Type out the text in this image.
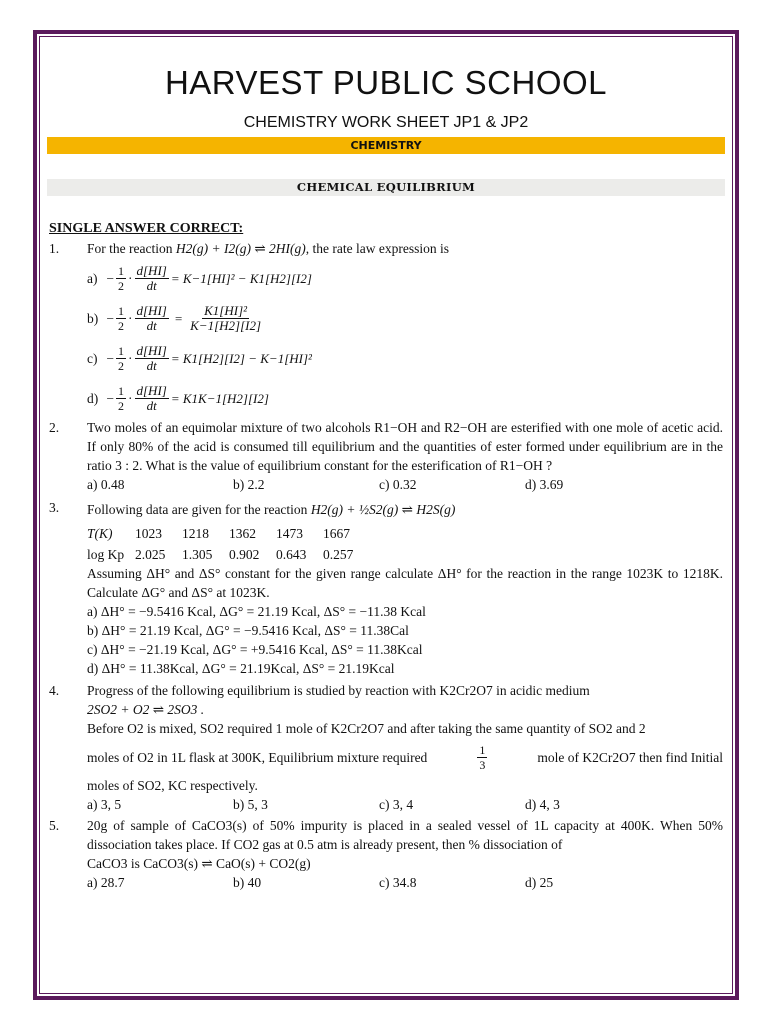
HARVEST PUBLIC SCHOOL
CHEMISTRY WORK SHEET JP1 & JP2
CHEMISTRY
CHEMICAL EQUILIBRIUM
SINGLE ANSWER CORRECT:
1. For the reaction H2(g) + I2(g) ⇌ 2HI(g), the rate law expression is
$a) - \frac{1}{2} \cdot \frac{d[HI]}{dt} = K-1[HI]^2 - K1[H2][I2]$
$b) - \frac{1}{2} \cdot \frac{d[HI]}{dt} = \frac{\text{K1[HI]²}}{K-1[H2][I2]}$
$c) - \frac{1}{2} \cdot \frac{d[HI]}{dt} = K1[H2][I2] - K-1[HI]^2$
$d) - \frac{1}{2} \cdot \frac{d[HI]}{dt} = K1K-1[H2][I2]$
2. Two moles of an equimolar mixture of two alcohols R1−OH and R2−OH are esterified with one mole of acetic acid. If only 80% of the acid is consumed till equilibrium and the quantities of ester formed under equilibrium are in the ratio 3 : 2. What is the value of equilibrium constant for the esterification of R1−OH ?
a) 0.48	b) 2.2	c) 0.32	d) 3.69
3. Following data are given for the reaction H2(g) + ½S2(g) ⇌ H2S(g)
T(K)	1023	1218	1362	1473	1667
log Kp 2.025	1.305	0.902	0.643	0.257
Assuming ΔH° and ΔS° constant for the given range calculate ΔH° for the reaction in the range 1023K to 1218K. Calculate ΔG° and ΔS° at 1023K.
a) ΔH° = −9.5416 Kcal, ΔG° = 21.19 Kcal, ΔS° = −11.38 Kcal
b) ΔH° = 21.19 Kcal, ΔG° = −9.5416 Kcal, ΔS° = 11.38Cal
c) ΔH° = −21.19 Kcal, ΔG° = +9.5416 Kcal, ΔS° = 11.38Kcal
d) ΔH° = 11.38Kcal, ΔG° = 21.19Kcal, ΔS° = 21.19Kcal
4. Progress of the following equilibrium is studied by reaction with K2Cr2O7 in acidic medium
2SO2 + O2 ⇌ 2SO3 .
Before O2 is mixed, SO2 required 1 mole of K2Cr2O7 and after taking the same quantity of SO2 and 2
moles of O2 in 1L flask at 300K, Equilibrium mixture required	$\frac{1}{3}$	mole of K2Cr2O7 then find Initial
moles of SO2, KC respectively.
a) 3, 5	b) 5, 3	c) 3, 4	d) 4, 3
5. 20g of sample of CaCO3(s) of 50% impurity is placed in a sealed vessel of 1L capacity at 400K. When 50% dissociation takes place. If CO2 gas at 0.5 atm is already present, then % dissociation of
CaCO3 is CaCO3(s) ⇌ CaO(s) + CO2(g)
a) 28.7	b) 40	c) 34.8	d) 25
